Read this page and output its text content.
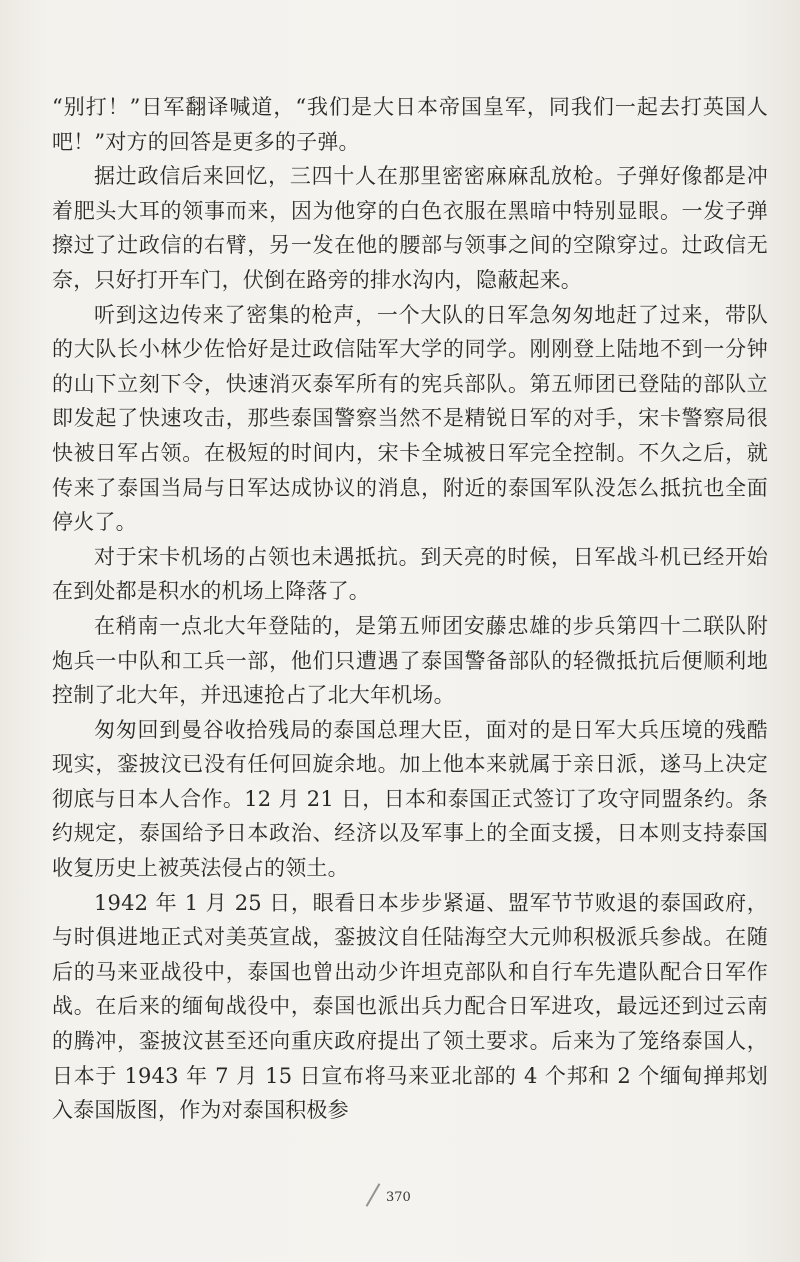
“别打！”日军翻译喊道，“我们是大日本帝国皇军，同我们一起去打英国人吧！”对方的回答是更多的子弹。

据辻政信后来回忆，三四十人在那里密密麻麻乱放枪。子弹好像都是冲着肥头大耳的领事而来，因为他穿的白色衣服在黑暗中特别显眼。一发子弹擦过了辻政信的右臂，另一发在他的腰部与领事之间的空隙穿过。辻政信无奈，只好打开车门，伏倒在路旁的排水沟内，隐蔽起来。

听到这边传来了密集的枪声，一个大队的日军急匆匆地赶了过来，带队的大队长小林少佐恰好是辻政信陆军大学的同学。刚刚登上陆地不到一分钟的山下立刻下令，快速消灭泰军所有的宪兵部队。第五师团已登陆的部队立即发起了快速攻击，那些泰国警察当然不是精锐日军的对手，宋卡警察局很快被日军占领。在极短的时间内，宋卡全城被日军完全控制。不久之后，就传来了泰国当局与日军达成协议的消息，附近的泰国军队没怎么抵抗也全面停火了。

对于宋卡机场的占领也未遇抵抗。到天亮的时候，日军战斗机已经开始在到处都是积水的机场上降落了。

在稍南一点北大年登陆的，是第五师团安藤忠雄的步兵第四十二联队附炮兵一中队和工兵一部，他们只遭遇了泰国警备部队的轻微抵抗后便顺利地控制了北大年，并迅速抢占了北大年机场。

匆匆回到曼谷收拾残局的泰国总理大臣，面对的是日军大兵压境的残酷现实，銮披汶已没有任何回旋余地。加上他本来就属于亲日派，遂马上决定彻底与日本人合作。12 月 21 日，日本和泰国正式签订了攻守同盟条约。条约规定，泰国给予日本政治、经济以及军事上的全面支援，日本则支持泰国收复历史上被英法侵占的领土。

1942 年 1 月 25 日，眼看日本步步紧逼、盟军节节败退的泰国政府，与时俱进地正式对美英宣战，銮披汶自任陆海空大元帅积极派兵参战。在随后的马来亚战役中，泰国也曾出动少许坦克部队和自行车先遣队配合日军作战。在后来的缅甸战役中，泰国也派出兵力配合日军进攻，最远还到过云南的腾冲，銮披汶甚至还向重庆政府提出了领土要求。后来为了笼络泰国人，日本于 1943 年 7 月 15 日宣布将马来亚北部的 4 个邦和 2 个缅甸掸邦划入泰国版图，作为对泰国积极参

370
